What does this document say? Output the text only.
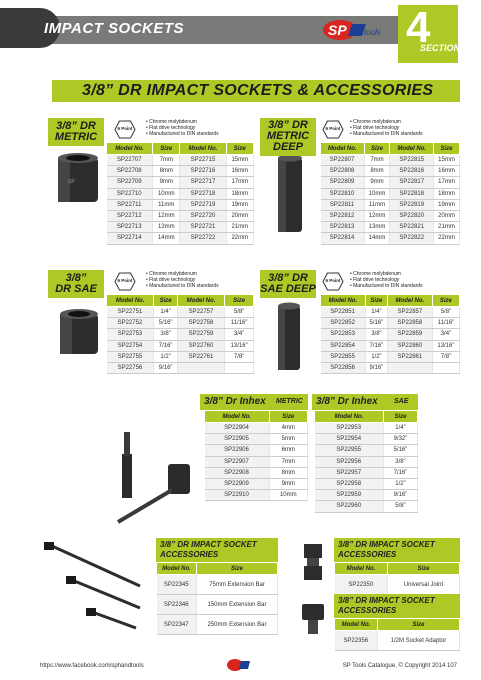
IMPACT SOCKETS	SP tools 4
SECTION
3/8” DR IMPACT SOCKETS & ACCESSORIES
SP
3/8” DR
METRIC
6 Point
• Chrome molybdenum
• Flat drive technology
• Manufactured to DIN standards
Model No.	Size	Model No.	Size
SP22707	7mm	SP22715	15mm
SP22708	8mm	SP22716	16mm
SP22709	9mm	SP22717	17mm
SP22710	10mm	SP22718	18mm
SP22711	11mm	SP22719	19mm
SP22712	12mm	SP22720	20mm
SP22713	13mm	SP22721	21mm
SP22714	14mm	SP22722	22mm
3/8” DR
METRIC
DEEP
6 Point
• Chrome molybdenum
• Flat drive technology
• Manufactured to DIN standards
Model No.	Size	Model No.	Size
SP22807	7mm	SP22815	15mm
SP22808	8mm	SP22816	16mm
SP22809	9mm	SP22817	17mm
SP22810	10mm	SP22818	18mm
SP22811	11mm	SP22819	19mm
SP22812	12mm	SP22820	20mm
SP22813	13mm	SP22821	21mm
SP22814	14mm	SP22822	22mm
3/8”
DR SAE
6 Point
• Chrome molybdenum
• Flat drive technology
• Manufactured to DIN standards
Model No.	Size	Model No.	Size
SP22751	1/4”	SP22757	5/8”
SP22752	5/16”	SP22758	11/16”
SP22753	3/8”	SP22759	3/4”
SP22754	7/16”	SP22760	13/16”
SP22755	1/2”	SP22761	7/8”
SP22756	9/16”		
3/8” DR
SAE DEEP
6 Point
• Chrome molybdenum
• Flat drive technology
• Manufactured to DIN standards
Model No.	Size	Model No.	Size
SP22851	1/4”	SP22857	5/8”
SP22852	5/16”	SP22858	11/16”
SP22853	3/8”	SP22859	3/4”
SP22854	7/16”	SP22860	13/16”
SP22855	1/2”	SP22861	7/8”
SP22856	9/16”		
3/8” Dr Inhex METRIC 3/8” Dr Inhex SAE
Model No.	Size
SP22904	4mm
SP22905	5mm
SP22906	6mm
SP22907	7mm
SP22908	8mm
SP22909	9mm
SP22910	10mm
Model No.	Size
SP22953	1/4”
SP22954	9/32”
SP22955	5/16”
SP22956	3/8”
SP22957	7/16”
SP22958	1/2”
SP22959	9/16”
SP22960	5/8”
3/8” DR IMPACT SOCKET
ACCESSORIES
Model No.	Size
SP22345	75mm Extension Bar
SP22346	150mm Extension Bar
SP22347	250mm Extension Bar
3/8” DR IMPACT SOCKET
ACCESSORIES
Model No.	Size
SP22350	Universal Joint
3/8” DR IMPACT SOCKET
ACCESSORIES
Model No.	Size
SP22356	1/2M Socket Adaptor
https://www.facebook.com/sphandtools	SP Tools Catalogue, © Copyright 2014 107
